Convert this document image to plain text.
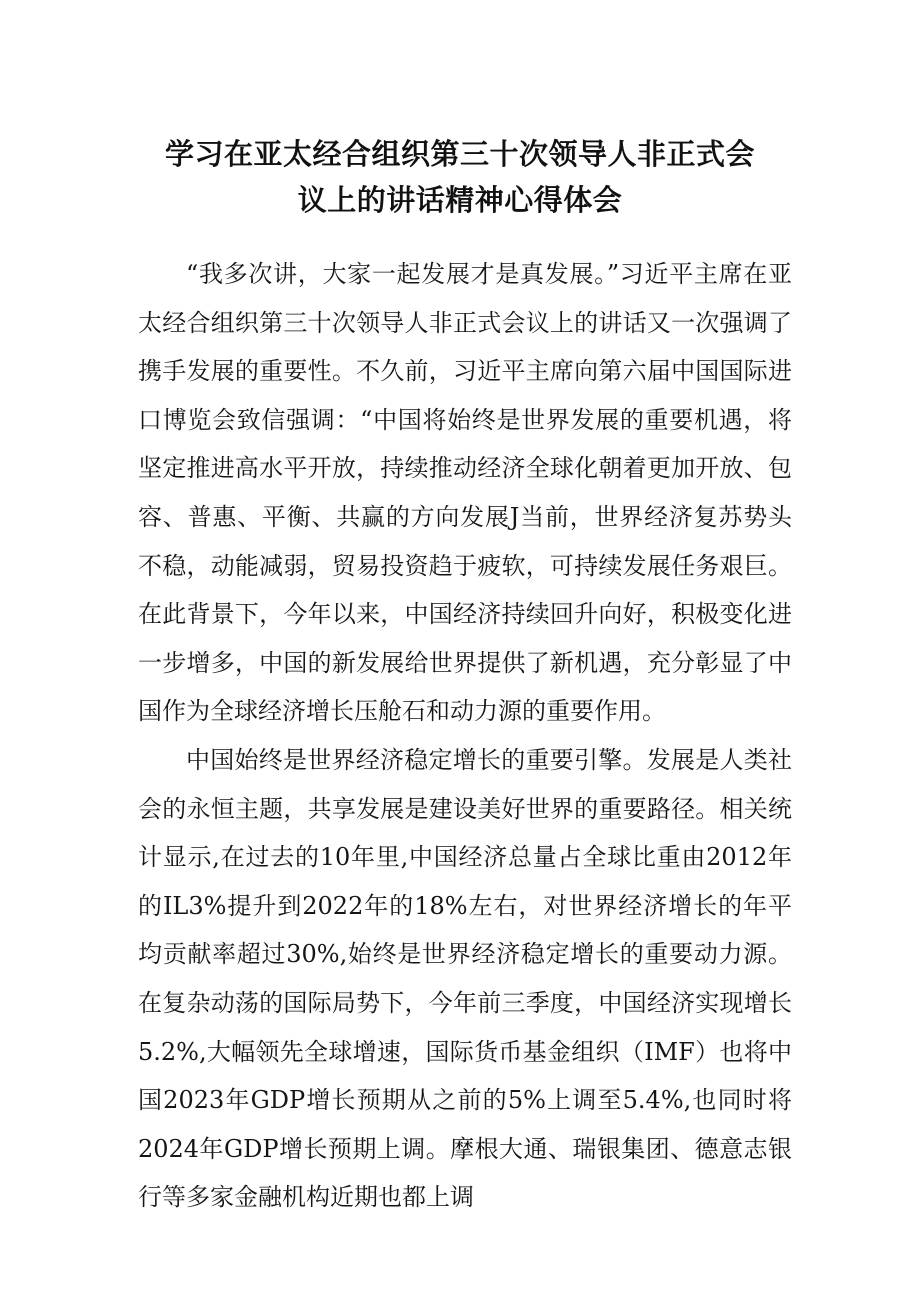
学习在亚太经合组织第三十次领导人非正式会
议上的讲话精神心得体会

“我多次讲，大家一起发展才是真发展。”习近平主席在亚太经合组织第三十次领导人非正式会议上的讲话又一次强调了携手发展的重要性。不久前，习近平主席向第六届中国国际进口博览会致信强调：“中国将始终是世界发展的重要机遇，将坚定推进高水平开放，持续推动经济全球化朝着更加开放、包容、普惠、平衡、共赢的方向发展J当前，世界经济复苏势头不稳，动能减弱，贸易投资趋于疲软，可持续发展任务艰巨。在此背景下，今年以来，中国经济持续回升向好，积极变化进一步增多，中国的新发展给世界提供了新机遇，充分彰显了中国作为全球经济增长压舱石和动力源的重要作用。

中国始终是世界经济稳定增长的重要引擎。发展是人类社会的永恒主题，共享发展是建设美好世界的重要路径。相关统计显示,在过去的10年里,中国经济总量占全球比重由2012年的IL3%提升到2022年的18%左右，对世界经济增长的年平均贡献率超过30%,始终是世界经济稳定增长的重要动力源。在复杂动荡的国际局势下，今年前三季度，中国经济实现增长5.2%,大幅领先全球增速，国际货币基金组织（IMF）也将中国2023年GDP增长预期从之前的5%上调至5.4%,也同时将2024年GDP增长预期上调。摩根大通、瑞银集团、德意志银行等多家金融机构近期也都上调
